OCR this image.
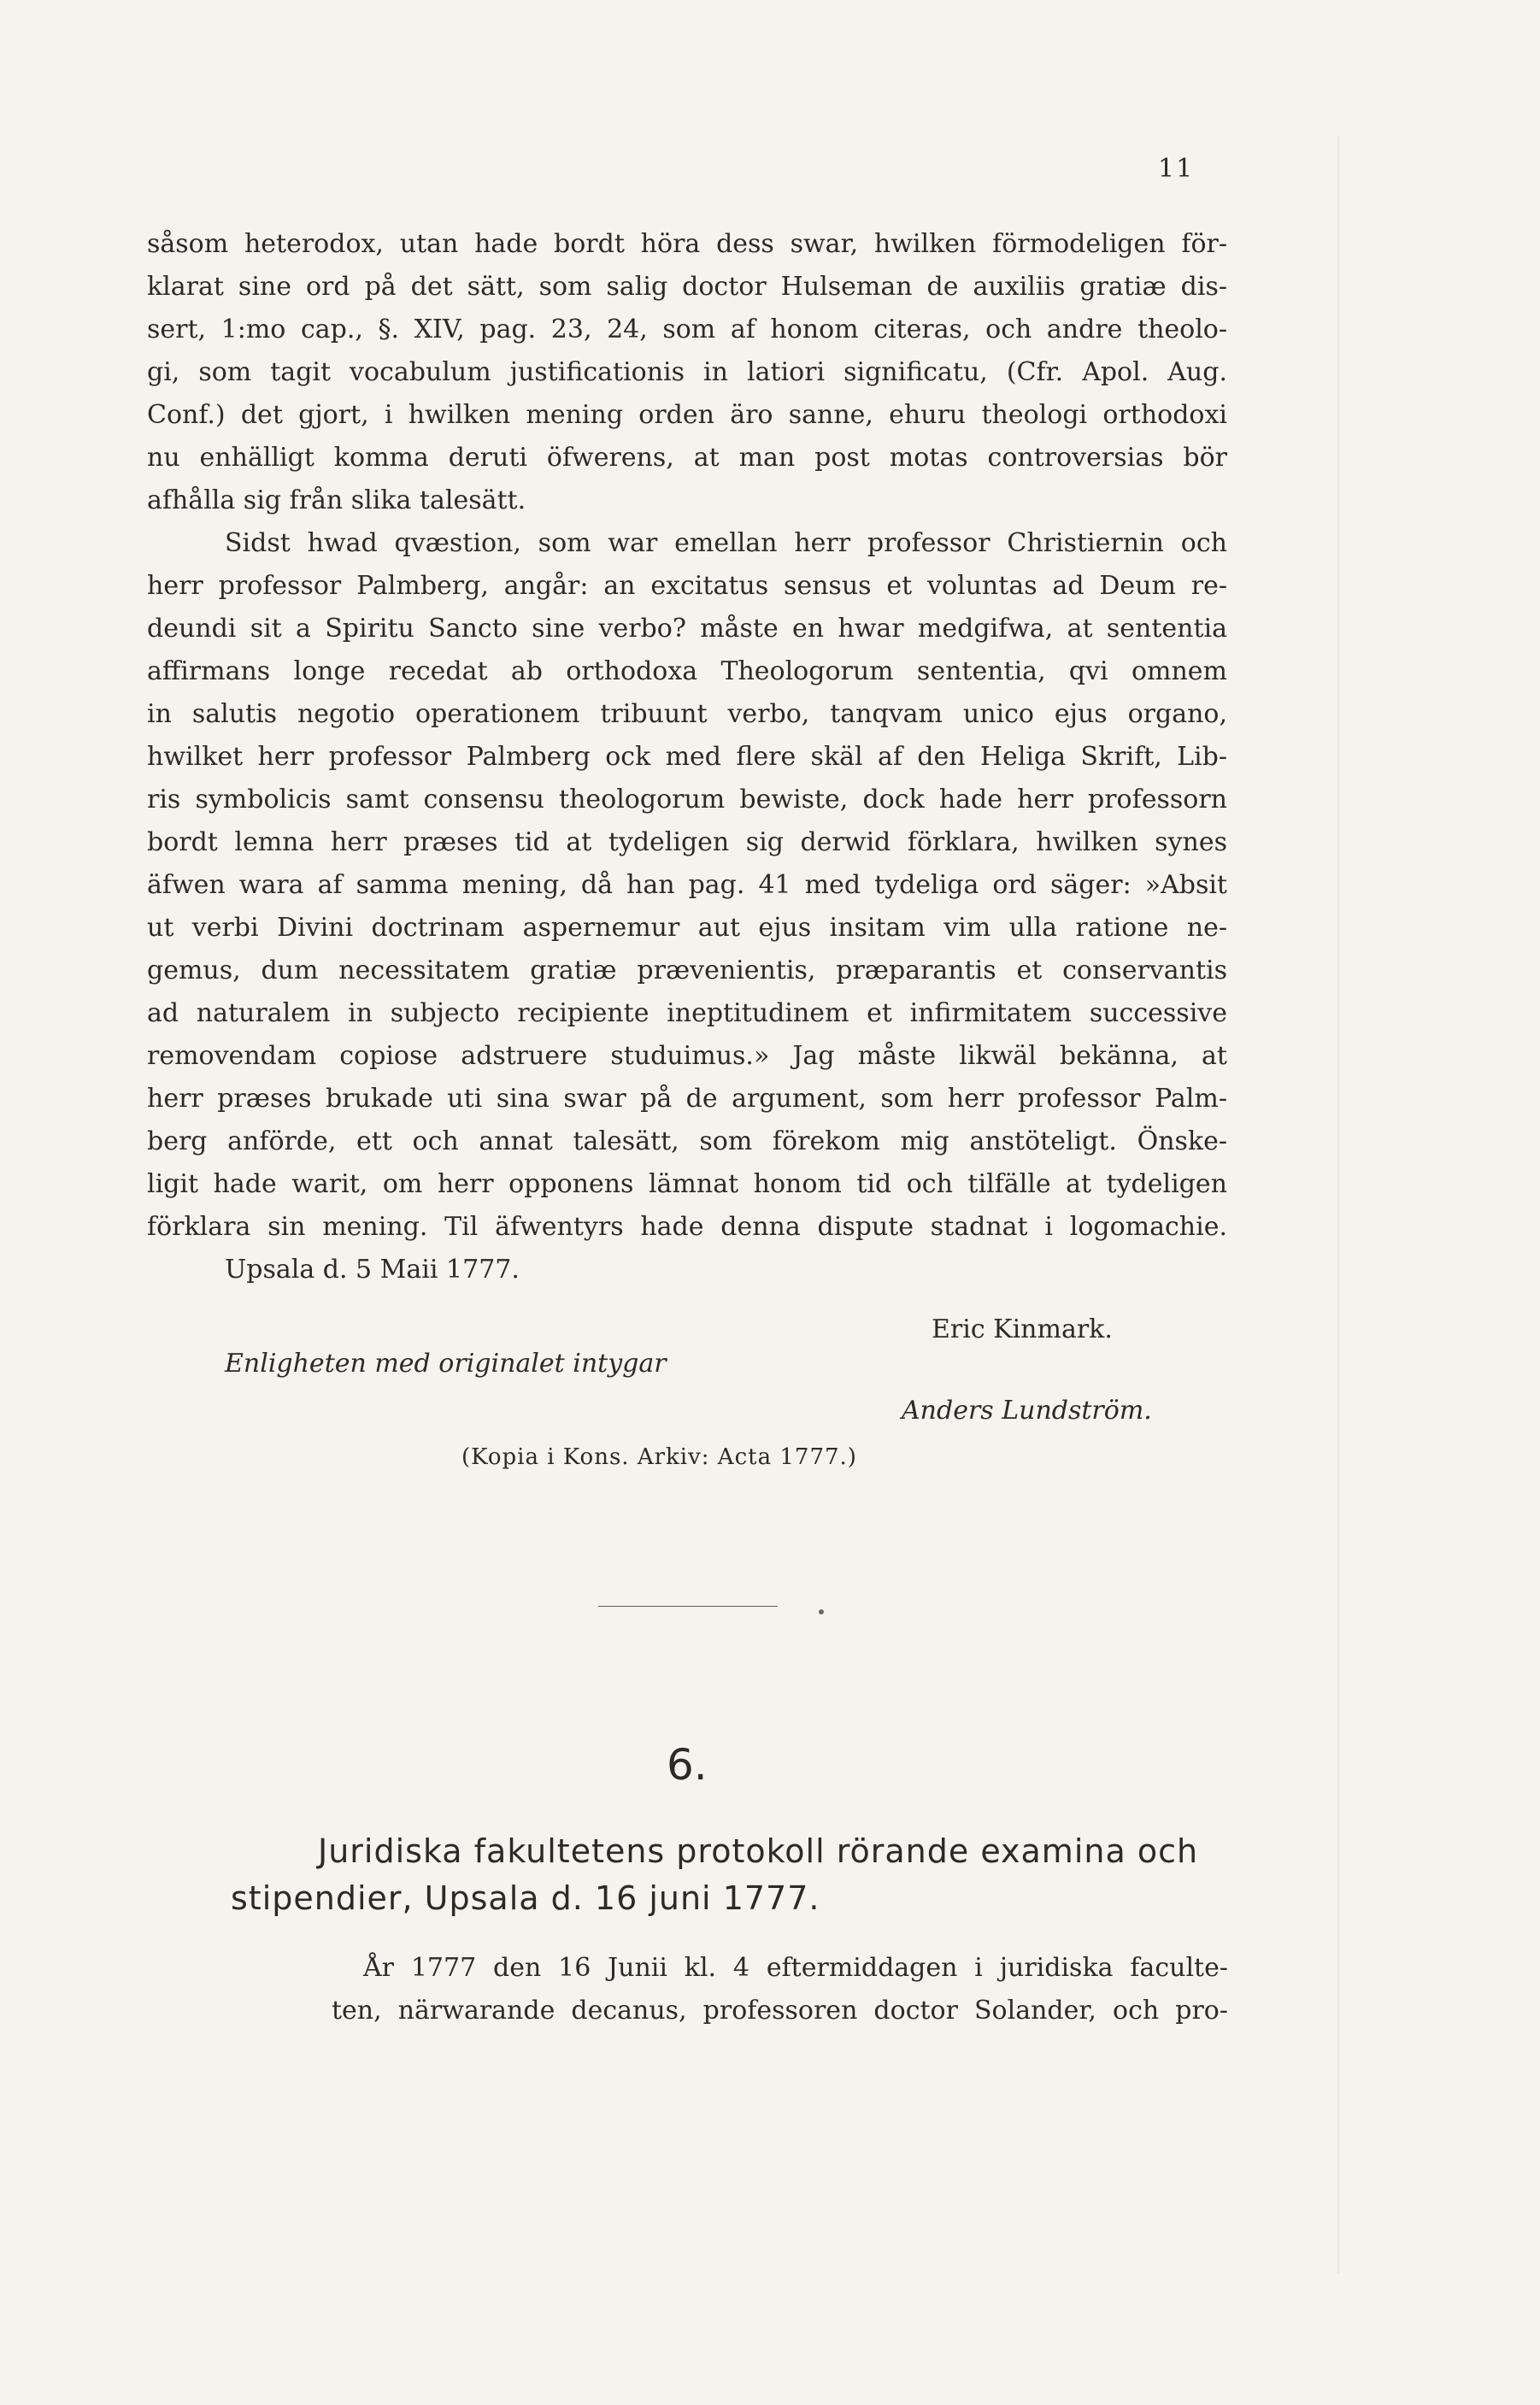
11
såsom heterodox, utan hade bordt höra dess swar, hwilken förmodeligen för-
klarat sine ord på det sätt, som salig doctor Hulseman de auxiliis gratiæ dis-
sert, 1:mo cap., §. XIV, pag. 23, 24, som af honom citeras, och andre theolo-
gi, som tagit vocabulum justificationis in latiori significatu, (Cfr. Apol. Aug.
Conf.) det gjort, i hwilken mening orden äro sanne, ehuru theologi orthodoxi
nu enhälligt komma deruti öfwerens, at man post motas controversias bör
afhålla sig från slika talesätt.
Sidst hwad qvæstion, som war emellan herr professor Christiernin och
herr professor Palmberg, angår: an excitatus sensus et voluntas ad Deum re-
deundi sit a Spiritu Sancto sine verbo? måste en hwar medgifwa, at sententia
affirmans longe recedat ab orthodoxa Theologorum sententia, qvi omnem
in salutis negotio operationem tribuunt verbo, tanqvam unico ejus organo,
hwilket herr professor Palmberg ock med flere skäl af den Heliga Skrift, Lib-
ris symbolicis samt consensu theologorum bewiste, dock hade herr professorn
bordt lemna herr præses tid at tydeligen sig derwid förklara, hwilken synes
äfwen wara af samma mening, då han pag. 41 med tydeliga ord säger: »Absit
ut verbi Divini doctrinam aspernemur aut ejus insitam vim ulla ratione ne-
gemus, dum necessitatem gratiæ prævenientis, præparantis et conservantis
ad naturalem in subjecto recipiente ineptitudinem et infirmitatem successive
removendam copiose adstruere studuimus.» Jag måste likwäl bekänna, at
herr præses brukade uti sina swar på de argument, som herr professor Palm-
berg anförde, ett och annat talesätt, som förekom mig anstöteligt. Önske-
ligit hade warit, om herr opponens lämnat honom tid och tilfälle at tydeligen
förklara sin mening. Til äfwentyrs hade denna dispute stadnat i logomachie.
Upsala d. 5 Maii 1777.
Eric Kinmark.
Enligheten med originalet intygar
Anders Lundström.
(Kopia i Kons. Arkiv: Acta 1777.)
6.
Juridiska fakultetens protokoll rörande examina och
stipendier, Upsala d. 16 juni 1777.
År 1777 den 16 Junii kl. 4 eftermiddagen i juridiska faculte-
ten, närwarande decanus, professoren doctor Solander, och pro-
